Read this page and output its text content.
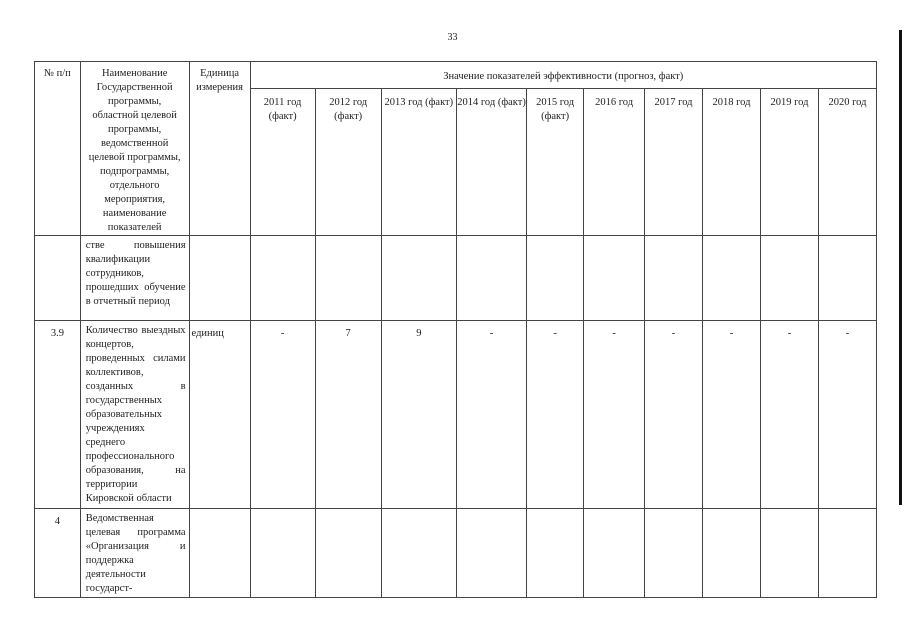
33
№ п/п	Наименование Государственной программы, областной целевой программы, ведомственной целевой программы, подпрограммы, отдельного мероприятия, наименование показателей	Единица измерения	Значение показателей эффективности (прогноз, факт)									
			2011 год (факт)	2012 год (факт)	2013 год (факт)	2014 год (факт)	2015 год (факт)	2016 год	2017 год	2018 год	2019 год	2020 год
	стве повышения квалификации сотрудников, прошедших обучение в отчетный период											
3.9	Количество выездных концертов, проведенных силами коллективов, созданных в государственных образовательных учреждениях среднего профессионального образования, на территории Кировской области	единиц	-	7	9	-	-	-	-	-	-	-
4	Ведомственная целевая программа «Организация и поддержка деятельности государст-											
